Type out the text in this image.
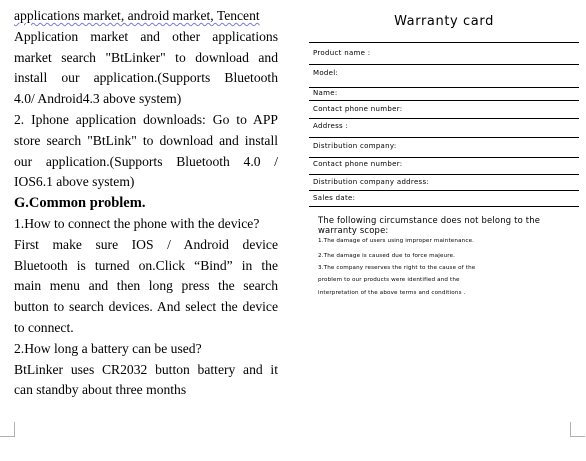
applications market, android market, Tencent
Application market and other applications
market search "BtLinker" to download and
install our application.(Supports Bluetooth
4.0/ Android4.3 above system)
2. Iphone application downloads: Go to APP
store search "BtLink" to download and install
our application.(Supports Bluetooth 4.0 /
IOS6.1 above system)
G.Common problem.
1.How to connect the phone with the device?
First make sure IOS / Android device
Bluetooth is turned on.Click “Bind” in the
main menu and then long press the search
button to search devices. And select the device
to connect.
2.How long a battery can be used?
BtLinker uses CR2032 button battery and it
can standby about three months
Warranty card
Product name :
Model:
Name:
Contact phone number:
Address :
Distribution company:
Contact phone number:
Distribution company address:
Sales date:
The following circumstance does not belong to the warranty scope:
1.The damage of users using improper maintenance.
2.The damage is caused due to force majeure.
3.The company reserves the right to the cause of the
problem to our products were identified and the
interpretation of the above terms and conditions .
